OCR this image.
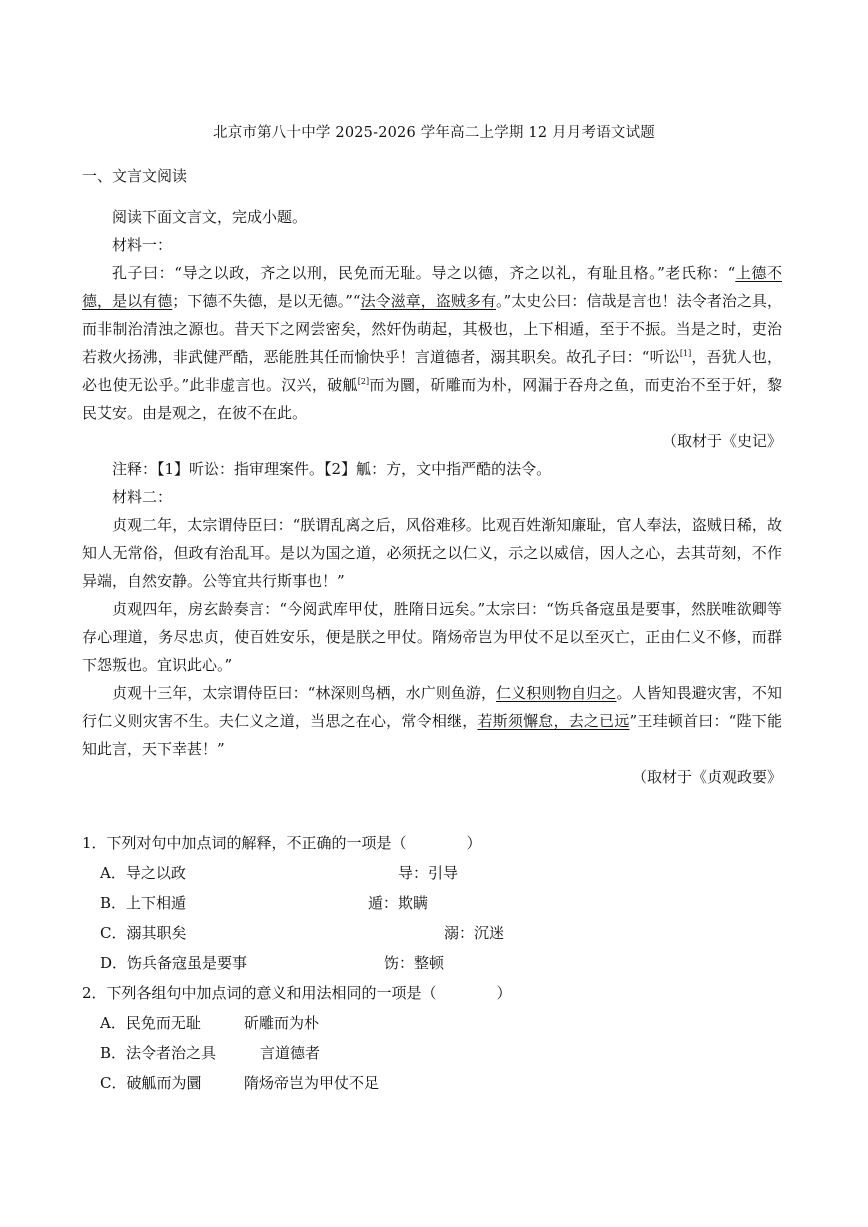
北京市第八十中学 2025-2026 学年高二上学期 12 月月考语文试题
一、文言文阅读

阅读下面文言文，完成小题。

材料一：

孔子曰：“导之以政，齐之以刑，民免而无耻。导之以德，齐之以礼，有耻且格。”老氏称：“上德不德，是以有德；下德不失德，是以无德。”“法令滋章，盗贼多有。”太史公曰：信哉是言也！法令者治之具，而非制治清浊之源也。昔天下之网尝密矣，然奸伪萌起，其极也，上下相遁，至于不振。当是之时，吏治若救火扬沸，非武健严酷，恶能胜其任而愉快乎！言道德者，溺其职矣。故孔子曰：“听讼[1]，吾犹人也，必也使无讼乎。”此非虚言也。汉兴，破觚[2]而为圜，斫雕而为朴，网漏于吞舟之鱼，而吏治不至于奸，黎民艾安。由是观之，在彼不在此。

（取材于《史记》

注释：【1】听讼：指审理案件。【2】觚：方，文中指严酷的法令。

材料二：

贞观二年，太宗谓侍臣曰：“朕谓乱离之后，风俗难移。比观百姓渐知廉耻，官人奉法，盗贼日稀，故知人无常俗，但政有治乱耳。是以为国之道，必须抚之以仁义，示之以威信，因人之心，去其苛刻，不作异端，自然安静。公等宜共行斯事也！”

贞观四年，房玄龄奏言：“今阅武库甲仗，胜隋日远矣。”太宗曰：“饬兵备寇虽是要事，然朕唯欲卿等存心理道，务尽忠贞，使百姓安乐，便是朕之甲仗。隋炀帝岂为甲仗不足以至灭亡，正由仁义不修，而群下怨叛也。宜识此心。”

贞观十三年，太宗谓侍臣曰：“林深则鸟栖，水广则鱼游，仁义积则物自归之。人皆知畏避灾害，不知行仁义则灾害不生。夫仁义之道，当思之在心，常令相继，若斯须懈怠，去之已远”王珪顿首曰：“陛下能知此言，天下幸甚！”

（取材于《贞观政要》

1．下列对句中加点词的解释，不正确的一项是（　　　　）
A．导之以政	导：引导
B．上下相遁	遁：欺瞒
C．溺其职矣	溺：沉迷
D．饬兵备寇虽是要事	饬：整顿
2．下列各组句中加点词的意义和用法相同的一项是（　　　　）
A．民免而无耻	斫雕而为朴
B．法令者治之具	言道德者
C．破觚而为圜	隋炀帝岂为甲仗不足
